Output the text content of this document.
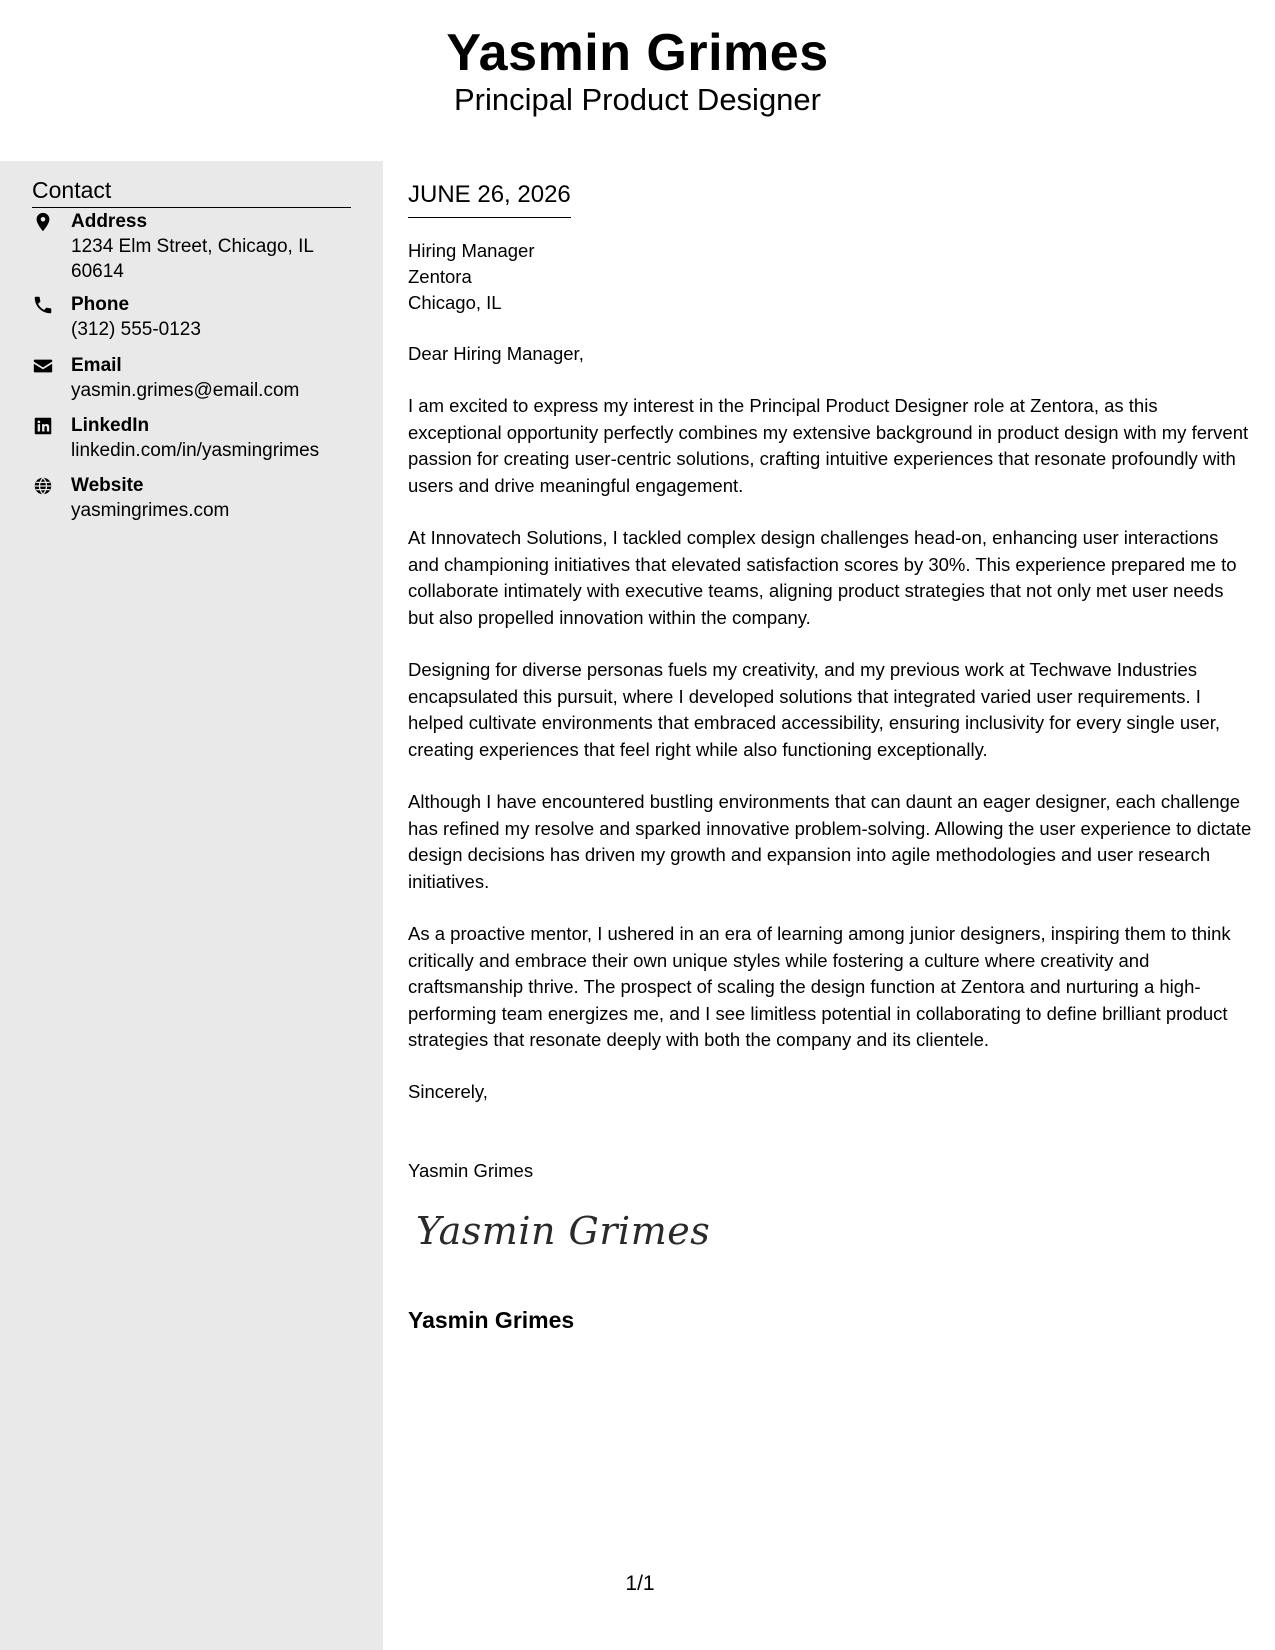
Yasmin Grimes
Principal Product Designer
Contact
Address
1234 Elm Street, Chicago, IL 60614
Phone
(312) 555-0123
Email
yasmin.grimes@email.com
LinkedIn
linkedin.com/in/yasmingrimes
Website
yasmingrimes.com
JUNE 26, 2026
Hiring Manager
Zentora
Chicago, IL
Dear Hiring Manager,
I am excited to express my interest in the Principal Product Designer role at Zentora, as this exceptional opportunity perfectly combines my extensive background in product design with my fervent passion for creating user-centric solutions, crafting intuitive experiences that resonate profoundly with users and drive meaningful engagement.
At Innovatech Solutions, I tackled complex design challenges head-on, enhancing user interactions and championing initiatives that elevated satisfaction scores by 30%. This experience prepared me to collaborate intimately with executive teams, aligning product strategies that not only met user needs but also propelled innovation within the company.
Designing for diverse personas fuels my creativity, and my previous work at Techwave Industries encapsulated this pursuit, where I developed solutions that integrated varied user requirements. I helped cultivate environments that embraced accessibility, ensuring inclusivity for every single user, creating experiences that feel right while also functioning exceptionally.
Although I have encountered bustling environments that can daunt an eager designer, each challenge has refined my resolve and sparked innovative problem-solving. Allowing the user experience to dictate design decisions has driven my growth and expansion into agile methodologies and user research initiatives.
As a proactive mentor, I ushered in an era of learning among junior designers, inspiring them to think critically and embrace their own unique styles while fostering a culture where creativity and craftsmanship thrive. The prospect of scaling the design function at Zentora and nurturing a high-performing team energizes me, and I see limitless potential in collaborating to define brilliant product strategies that resonate deeply with both the company and its clientele.
Sincerely,
Yasmin Grimes
Yasmin Grimes
Yasmin Grimes
1/1
